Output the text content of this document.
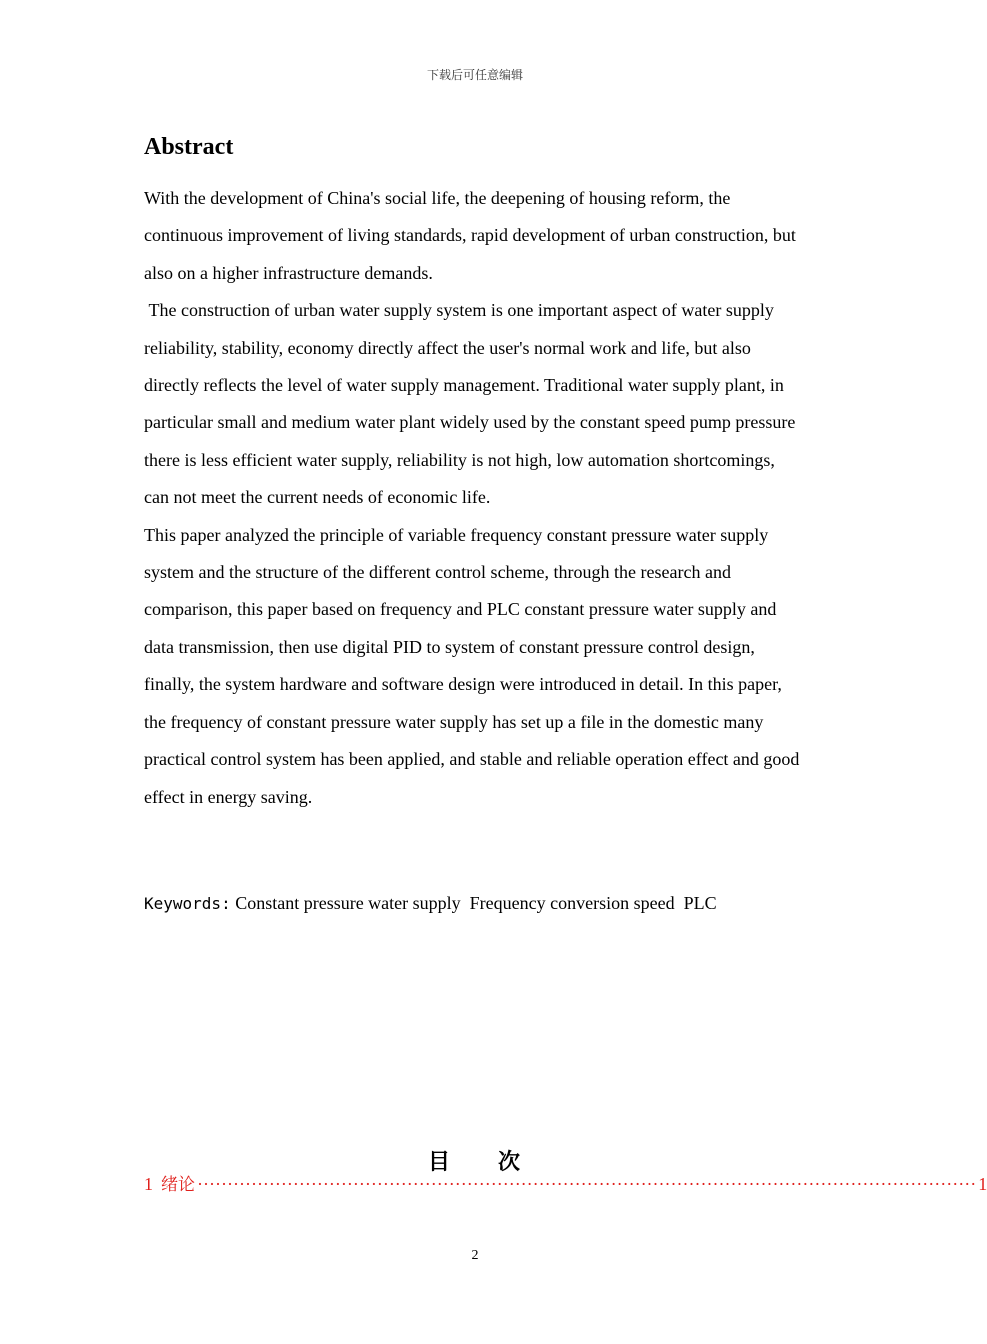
下载后可任意编辑
Abstract

With the development of China's social life, the deepening of housing reform, the continuous improvement of living standards, rapid development of urban construction, but also on a higher infrastructure demands.

The construction of urban water supply system is one important aspect of water supply reliability, stability, economy directly affect the user's normal work and life, but also directly reflects the level of water supply management. Traditional water supply plant, in particular small and medium water plant widely used by the constant speed pump pressure there is less efficient water supply, reliability is not high, low automation shortcomings, can not meet the current needs of economic life.

This paper analyzed the principle of variable frequency constant pressure water supply system and the structure of the different control scheme, through the research and comparison, this paper based on frequency and PLC constant pressure water supply and data transmission, then use digital PID to system of constant pressure control design, finally, the system hardware and software design were introduced in detail. In this paper, the frequency of constant pressure water supply has set up a file in the domestic many practical control system has been applied, and stable and reliable operation effect and good effect in energy saving.

Keywords: Constant pressure water supply  Frequency conversion speed  PLC
目 次
1 绪论 ·································································································································· 1
2
